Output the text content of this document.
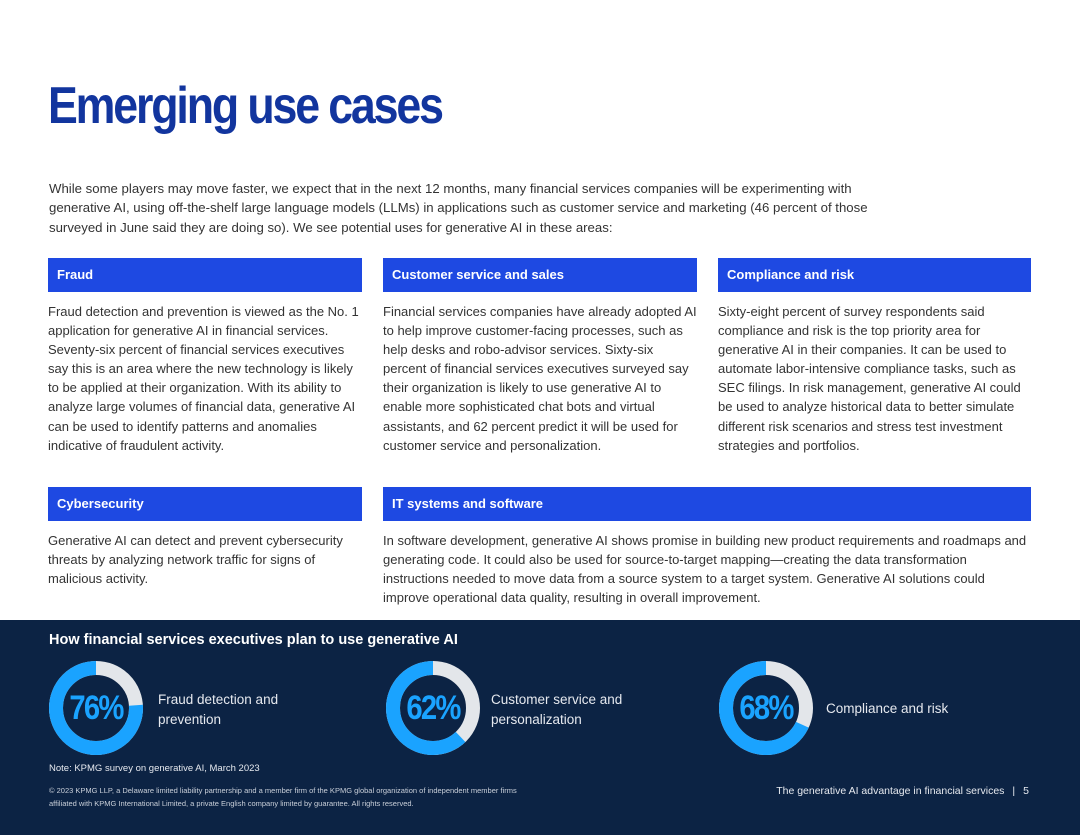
Emerging use cases

While some players may move faster, we expect that in the next 12 months, many financial services companies will be experimenting with generative AI, using off-the-shelf large language models (LLMs) in applications such as customer service and marketing (46 percent of those surveyed in June said they are doing so). We see potential uses for generative AI in these areas:

Fraud

Fraud detection and prevention is viewed as the No. 1 application for generative AI in financial services. Seventy-six percent of financial services executives say this is an area where the new technology is likely to be applied at their organization. With its ability to analyze large volumes of financial data, generative AI can be used to identify patterns and anomalies indicative of fraudulent activity.

Customer service and sales

Financial services companies have already adopted AI to help improve customer-facing processes, such as help desks and robo-advisor services. Sixty-six percent of financial services executives surveyed say their organization is likely to use generative AI to enable more sophisticated chat bots and virtual assistants, and 62 percent predict it will be used for customer service and personalization.

Compliance and risk

Sixty-eight percent of survey respondents said compliance and risk is the top priority area for generative AI in their companies. It can be used to automate labor-intensive compliance tasks, such as SEC filings. In risk management, generative AI could be used to analyze historical data to better simulate different risk scenarios and stress test investment strategies and portfolios.

Cybersecurity

Generative AI can detect and prevent cybersecurity threats by analyzing network traffic for signs of malicious activity.

IT systems and software

In software development, generative AI shows promise in building new product requirements and roadmaps and generating code. It could also be used for source-to-target mapping—creating the data transformation instructions needed to move data from a source system to a target system. Generative AI solutions could improve operational data quality, resulting in overall improvement.

How financial services executives plan to use generative AI
76%	Fraud detection and
prevention	62%	Customer service and
personalization	68%	Compliance and risk
Note: KPMG survey on generative AI, March 2023
© 2023 KPMG LLP, a Delaware limited liability partnership and a member firm of the KPMG global organization of independent member firms affiliated with KPMG International Limited, a private English company limited by guarantee. All rights reserved.
The generative AI advantage in financial services | 5
